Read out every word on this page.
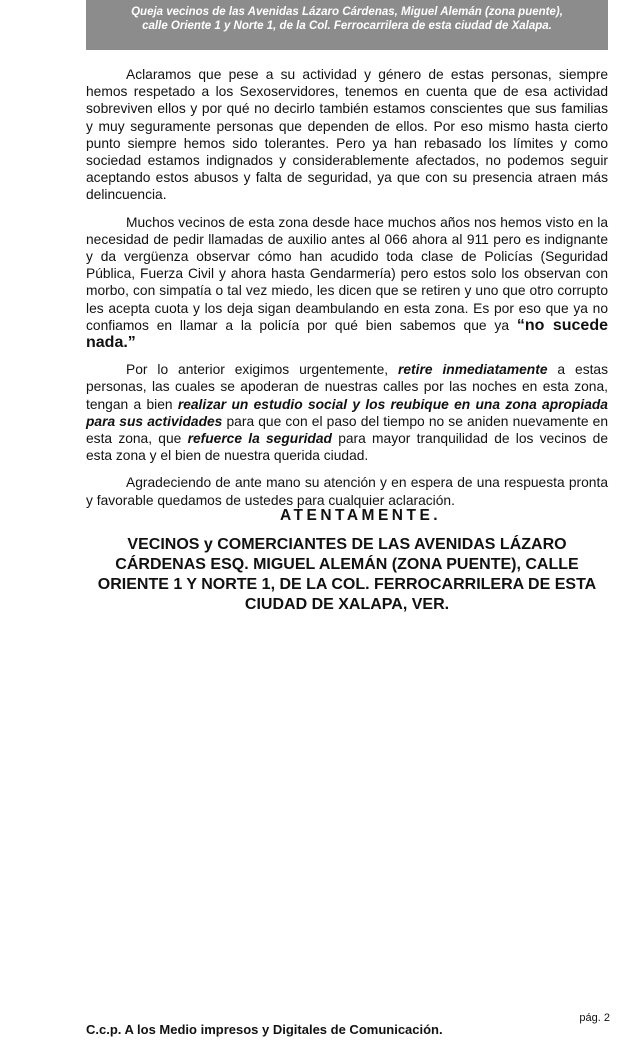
Queja vecinos de las Avenidas Lázaro Cárdenas, Miguel Alemán (zona puente),
calle Oriente 1 y Norte 1, de la Col. Ferrocarrilera de esta ciudad de Xalapa.

Aclaramos que pese a su actividad y género de estas personas, siempre hemos respetado a los Sexoservidores, tenemos en cuenta que de esa actividad sobreviven ellos y por qué no decirlo también estamos conscientes que sus familias y muy seguramente personas que dependen de ellos. Por eso mismo hasta cierto punto siempre hemos sido tolerantes. Pero ya han rebasado los límites y como sociedad estamos indignados y considerablemente afectados, no podemos seguir aceptando estos abusos y falta de seguridad, ya que con su presencia atraen más delincuencia.

Muchos vecinos de esta zona desde hace muchos años nos hemos visto en la necesidad de pedir llamadas de auxilio antes al 066 ahora al 911 pero es indignante y da vergüenza observar cómo han acudido toda clase de Policías (Seguridad Pública, Fuerza Civil y ahora hasta Gendarmería) pero estos solo los observan con morbo, con simpatía o tal vez miedo, les dicen que se retiren y uno que otro corrupto les acepta cuota y los deja sigan deambulando en esta zona. Es por eso que ya no confiamos en llamar a la policía por qué bien sabemos que ya “no sucede nada.”

Por lo anterior exigimos urgentemente, retire inmediatamente a estas personas, las cuales se apoderan de nuestras calles por las noches en esta zona, tengan a bien realizar un estudio social y los reubique en una zona apropiada para sus actividades para que con el paso del tiempo no se aniden nuevamente en esta zona, que refuerce la seguridad para mayor tranquilidad de los vecinos de esta zona y el bien de nuestra querida ciudad.

Agradeciendo de ante mano su atención y en espera de una respuesta pronta y favorable quedamos de ustedes para cualquier aclaración.

ATENTAMENTE.
VECINOS y COMERCIANTES DE LAS AVENIDAS LÁZARO CÁRDENAS ESQ. MIGUEL ALEMÁN (ZONA PUENTE), CALLE ORIENTE 1 Y NORTE 1, DE LA COL. FERROCARRILERA DE ESTA CIUDAD DE XALAPA, VER.
pág. 2
C.c.p. A los Medio impresos y Digitales de Comunicación.
